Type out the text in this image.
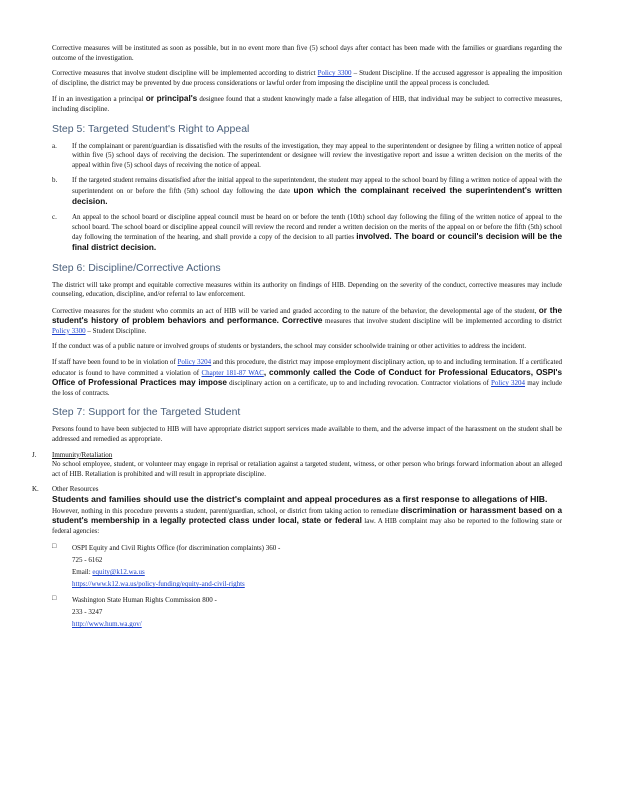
Corrective measures will be instituted as soon as possible, but in no event more than five (5) school days after contact has been made with the families or guardians regarding the outcome of the investigation.

Corrective measures that involve student discipline will be implemented according to district Policy 3300 – Student Discipline. If the accused aggressor is appealing the imposition of discipline, the district may be prevented by due process considerations or lawful order from imposing the discipline until the appeal process is concluded.

If in an investigation a principal or principal's designee found that a student knowingly made a false allegation of HIB, that individual may be subject to corrective measures, including discipline.

Step 5: Targeted Student's Right to Appeal
a. If the complainant or parent/guardian is dissatisfied with the results of the investigation, they may appeal to the superintendent or designee by filing a written notice of appeal within five (5) school days of receiving the decision. The superintendent or designee will review the investigative report and issue a written decision on the merits of the appeal within five (5) school days of receiving the notice of appeal.

b. If the targeted student remains dissatisfied after the initial appeal to the superintendent, the student may appeal to the school board by filing a written notice of appeal with the superintendent on or before the fifth (5th) school day following the date upon which the complainant received the superintendent's written decision.

c. An appeal to the school board or discipline appeal council must be heard on or before the tenth (10th) school day following the filing of the written notice of appeal to the school board. The school board or discipline appeal council will review the record and render a written decision on the merits of the appeal on or before the fifth (5th) school day following the termination of the hearing, and shall provide a copy of the decision to all parties involved. The board or council's decision will be the final district decision.

Step 6: Discipline/Corrective Actions

The district will take prompt and equitable corrective measures within its authority on findings of HIB. Depending on the severity of the conduct, corrective measures may include counseling, education, discipline, and/or referral to law enforcement.

Corrective measures for the student who commits an act of HIB will be varied and graded according to the nature of the behavior, the developmental age of the student, or the student's history of problem behaviors and performance. Corrective measures that involve student discipline will be implemented according to district Policy 3300 – Student Discipline.

If the conduct was of a public nature or involved groups of students or bystanders, the school may consider schoolwide training or other activities to address the incident.

If staff have been found to be in violation of Policy 3204 and this procedure, the district may impose employment disciplinary action, up to and including termination. If a certificated educator is found to have committed a violation of Chapter 181-87 WAC, commonly called the Code of Conduct for Professional Educators, OSPI's Office of Professional Practices may impose disciplinary action on a certificate, up to and including revocation. Contractor violations of Policy 3204 may include the loss of contracts.

Step 7: Support for the Targeted Student

Persons found to have been subjected to HIB will have appropriate district support services made available to them, and the adverse impact of the harassment on the student shall be addressed and remedied as appropriate.

J. Immunity/Retaliation

No school employee, student, or volunteer may engage in reprisal or retaliation against a targeted student, witness, or other person who brings forward information about an alleged act of HIB. Retaliation is prohibited and will result in appropriate discipline.

K. Other Resources

Students and families should use the district's complaint and appeal procedures as a first response to allegations of HIB.

However, nothing in this procedure prevents a student, parent/guardian, school, or district from taking action to remediate discrimination or harassment based on a student's membership in a legally protected class under local, state or federal law. A HIB complaint may also be reported to the following state or federal agencies:

□ OSPI Equity and Civil Rights Office (for discrimination complaints) 360 -
725 - 6162
Email: equity@k12.wa.us
https://www.k12.wa.us/policy-funding/equity-and-civil-rights
□ Washington State Human Rights Commission 800 -
233 - 3247
http://www.hum.wa.gov/
